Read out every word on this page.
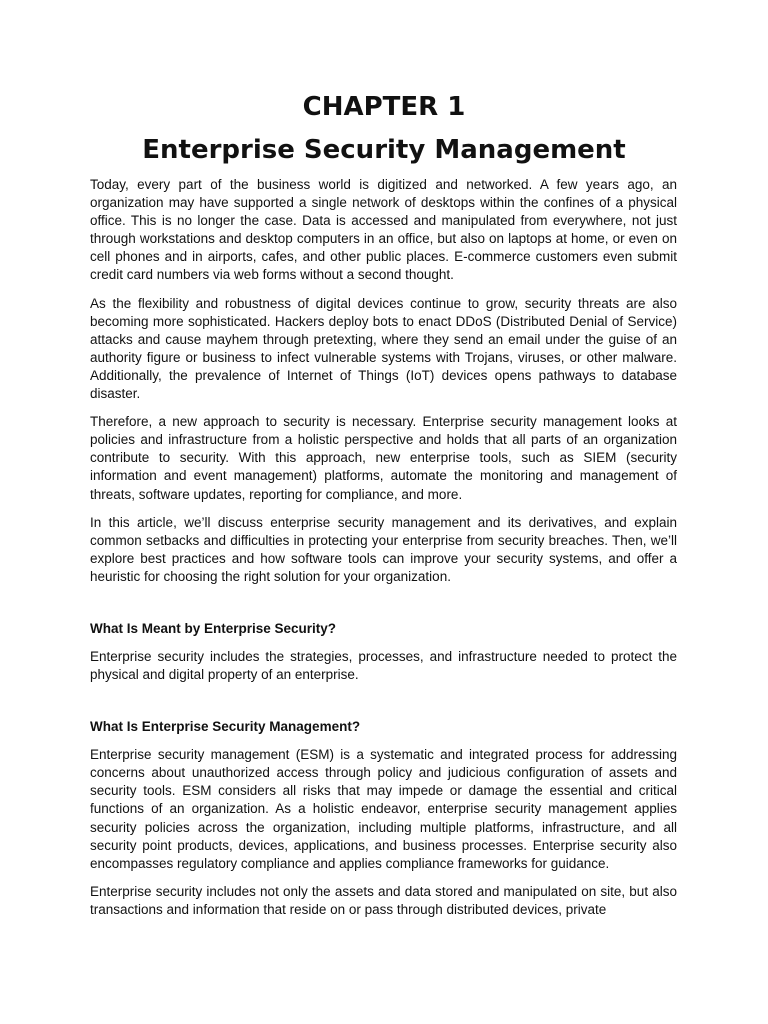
CHAPTER 1
Enterprise Security Management

Today, every part of the business world is digitized and networked. A few years ago, an organization may have supported a single network of desktops within the confines of a physical office. This is no longer the case. Data is accessed and manipulated from everywhere, not just through workstations and desktop computers in an office, but also on laptops at home, or even on cell phones and in airports, cafes, and other public places. E-commerce customers even submit credit card numbers via web forms without a second thought.

As the flexibility and robustness of digital devices continue to grow, security threats are also becoming more sophisticated. Hackers deploy bots to enact DDoS (Distributed Denial of Service) attacks and cause mayhem through pretexting, where they send an email under the guise of an authority figure or business to infect vulnerable systems with Trojans, viruses, or other malware. Additionally, the prevalence of Internet of Things (IoT) devices opens pathways to database disaster.

Therefore, a new approach to security is necessary. Enterprise security management looks at policies and infrastructure from a holistic perspective and holds that all parts of an organization contribute to security. With this approach, new enterprise tools, such as SIEM (security information and event management) platforms, automate the monitoring and management of threats, software updates, reporting for compliance, and more.

In this article, we’ll discuss enterprise security management and its derivatives, and explain common setbacks and difficulties in protecting your enterprise from security breaches. Then, we’ll explore best practices and how software tools can improve your security systems, and offer a heuristic for choosing the right solution for your organization.

What Is Meant by Enterprise Security?

Enterprise security includes the strategies, processes, and infrastructure needed to protect the physical and digital property of an enterprise.

What Is Enterprise Security Management?

Enterprise security management (ESM) is a systematic and integrated process for addressing concerns about unauthorized access through policy and judicious configuration of assets and security tools. ESM considers all risks that may impede or damage the essential and critical functions of an organization. As a holistic endeavor, enterprise security management applies security policies across the organization, including multiple platforms, infrastructure, and all security point products, devices, applications, and business processes. Enterprise security also encompasses regulatory compliance and applies compliance frameworks for guidance.

Enterprise security includes not only the assets and data stored and manipulated on site, but also transactions and information that reside on or pass through distributed devices, private
